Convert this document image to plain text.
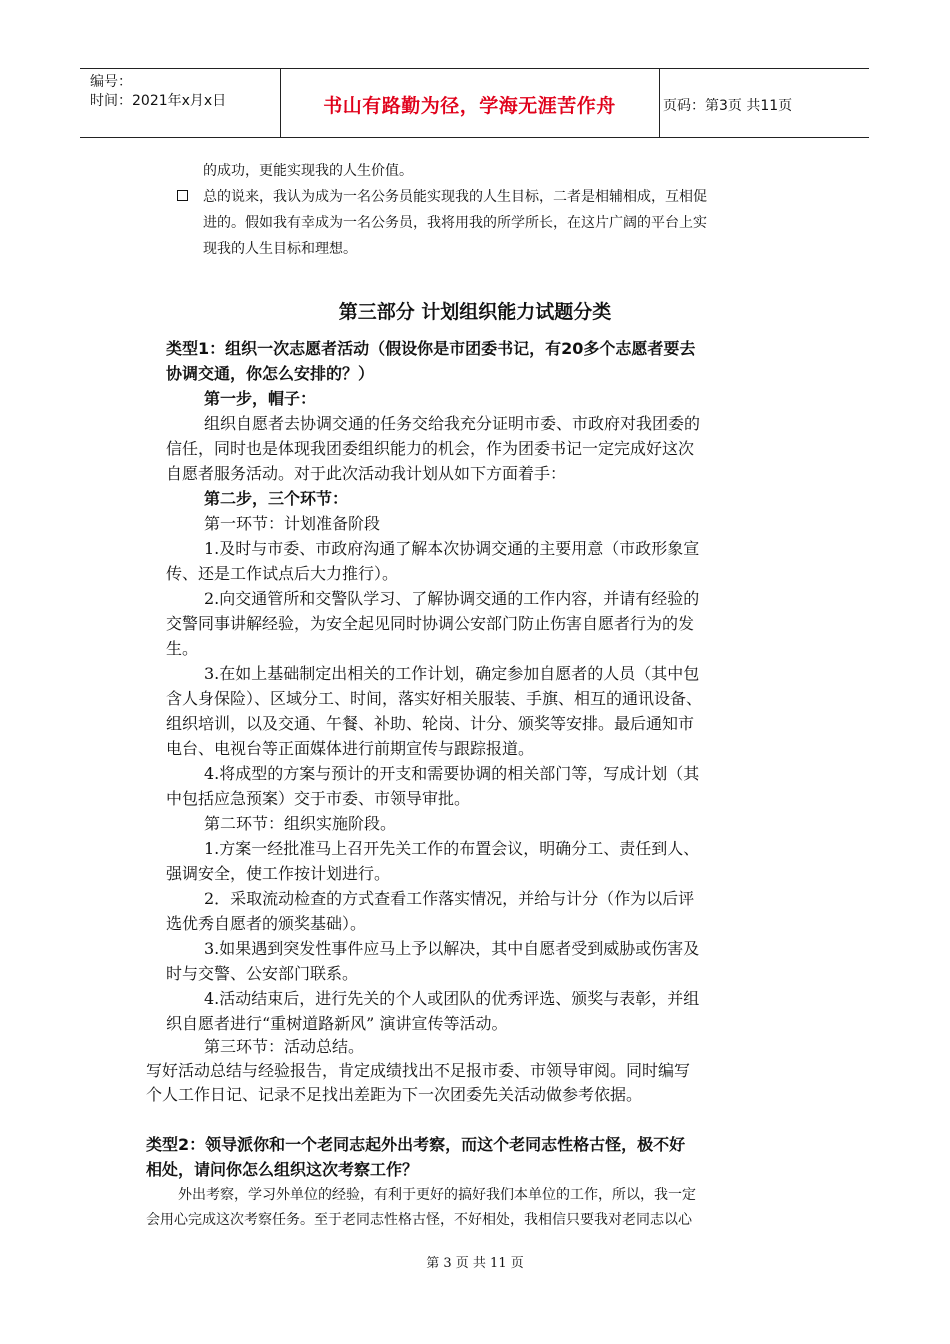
编号：
时间：2021年x月x日	书山有路勤为径，学海无涯苦作舟	页码：第3页 共11页
的成功，更能实现我的人生价值。
总的说来，我认为成为一名公务员能实现我的人生目标，二者是相辅相成，互相促
进的。假如我有幸成为一名公务员，我将用我的所学所长，在这片广阔的平台上实
现我的人生目标和理想。
第三部分 计划组织能力试题分类
类型1：组织一次志愿者活动（假设你是市团委书记，有20多个志愿者要去
协调交通，你怎么安排的？）
第一步，帽子：
组织自愿者去协调交通的任务交给我充分证明市委、市政府对我团委的
信任，同时也是体现我团委组织能力的机会，作为团委书记一定完成好这次
自愿者服务活动。对于此次活动我计划从如下方面着手：
第二步，三个环节：
第一环节：计划准备阶段
1.及时与市委、市政府沟通了解本次协调交通的主要用意（市政形象宣
传、还是工作试点后大力推行）。
2.向交通管所和交警队学习、了解协调交通的工作内容，并请有经验的
交警同事讲解经验，为安全起见同时协调公安部门防止伤害自愿者行为的发
生。
3.在如上基础制定出相关的工作计划，确定参加自愿者的人员（其中包
含人身保险）、区域分工、时间，落实好相关服装、手旗、相互的通讯设备、
组织培训，以及交通、午餐、补助、轮岗、计分、颁奖等安排。最后通知市
电台、电视台等正面媒体进行前期宣传与跟踪报道。
4.将成型的方案与预计的开支和需要协调的相关部门等，写成计划（其
中包括应急预案）交于市委、市领导审批。
第二环节：组织实施阶段。
1.方案一经批准马上召开先关工作的布置会议，明确分工、责任到人、
强调安全，使工作按计划进行。
2．采取流动检查的方式查看工作落实情况，并给与计分（作为以后评
选优秀自愿者的颁奖基础）。
3.如果遇到突发性事件应马上予以解决，其中自愿者受到威胁或伤害及
时与交警、公安部门联系。
4.活动结束后，进行先关的个人或团队的优秀评选、颁奖与表彰，并组
织自愿者进行“重树道路新风” 演讲宣传等活动。
第三环节：活动总结。
写好活动总结与经验报告，肯定成绩找出不足报市委、市领导审阅。同时编写
个人工作日记、记录不足找出差距为下一次团委先关活动做参考依据。
类型2：领导派你和一个老同志起外出考察，而这个老同志性格古怪，极不好
相处，请问你怎么组织这次考察工作？
外出考察，学习外单位的经验，有利于更好的搞好我们本单位的工作，所以，我一定
会用心完成这次考察任务。至于老同志性格古怪，不好相处，我相信只要我对老同志以心
第 3 页 共 11 页
